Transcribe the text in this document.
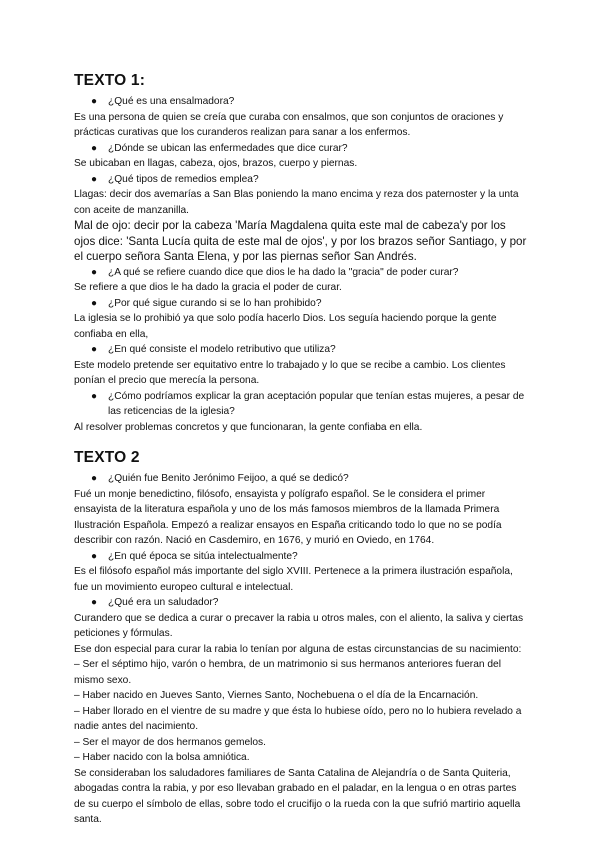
TEXTO 1:
● ¿Qué es una ensalmadora?
Es una persona de quien se creía que curaba con ensalmos, que son conjuntos de oraciones y prácticas curativas que los curanderos realizan para sanar a los enfermos.
● ¿Dónde se ubican las enfermedades que dice curar?
Se ubicaban en llagas, cabeza, ojos, brazos, cuerpo y piernas.
● ¿Qué tipos de remedios emplea?
Llagas: decir dos avemarías a San Blas poniendo la mano encima y reza dos paternoster y la unta con aceite de manzanilla.
Mal de ojo: decir por la cabeza 'María Magdalena quita este mal de cabeza'y por los ojos dice: 'Santa Lucía quita de este mal de ojos', y por los brazos señor Santiago, y por el cuerpo señora Santa Elena, y por las piernas señor San Andrés.
● ¿A qué se refiere cuando dice que dios le ha dado la "gracia" de poder curar?
Se refiere a que dios le ha dado la gracia el poder de curar.
● ¿Por qué sigue curando si se lo han prohibido?
La iglesia se lo prohibió ya que solo podía hacerlo Dios. Los seguía haciendo porque la gente confiaba en ella,
● ¿En qué consiste el modelo retributivo que utiliza?
Este modelo pretende ser equitativo entre lo trabajado y lo que se recibe a cambio. Los clientes ponían el precio que merecía la persona.
● ¿Cómo podríamos explicar la gran aceptación popular que tenían estas mujeres, a pesar de las reticencias de la iglesia?
Al resolver problemas concretos y que funcionaran, la gente confiaba en ella.
TEXTO 2
● ¿Quién fue Benito Jerónimo Feijoo, a qué se dedicó?
Fué un monje benedictino, filósofo, ensayista y polígrafo español. Se le considera el primer ensayista de la literatura española y uno de los más famosos miembros de la llamada Primera Ilustración Española. Empezó a realizar ensayos en España criticando todo lo que no se podía describir con razón. Nació en Casdemiro, en 1676, y murió en Oviedo, en 1764.
● ¿En qué época se sitúa intelectualmente?
Es el filósofo español más importante del siglo XVIII. Pertenece a la primera ilustración española, fue un movimiento europeo cultural e intelectual.
● ¿Qué era un saludador?
Curandero que se dedica a curar o precaver la rabia u otros males, con el aliento, la saliva y ciertas peticiones y fórmulas.
Ese don especial para curar la rabia lo tenían por alguna de estas circunstancias de su nacimiento:
– Ser el séptimo hijo, varón o hembra, de un matrimonio si sus hermanos anteriores fueran del mismo sexo.
– Haber nacido en Jueves Santo, Viernes Santo, Nochebuena o el día de la Encarnación.
– Haber llorado en el vientre de su madre y que ésta lo hubiese oído, pero no lo hubiera revelado a nadie antes del nacimiento.
– Ser el mayor de dos hermanos gemelos.
– Haber nacido con la bolsa amniótica.
Se consideraban los saludadores familiares de Santa Catalina de Alejandría o de Santa Quiteria, abogadas contra la rabia, y por eso llevaban grabado en el paladar, en la lengua o en otras partes de su cuerpo el símbolo de ellas, sobre todo el crucifijo o la rueda con la que sufrió martirio aquella santa.
